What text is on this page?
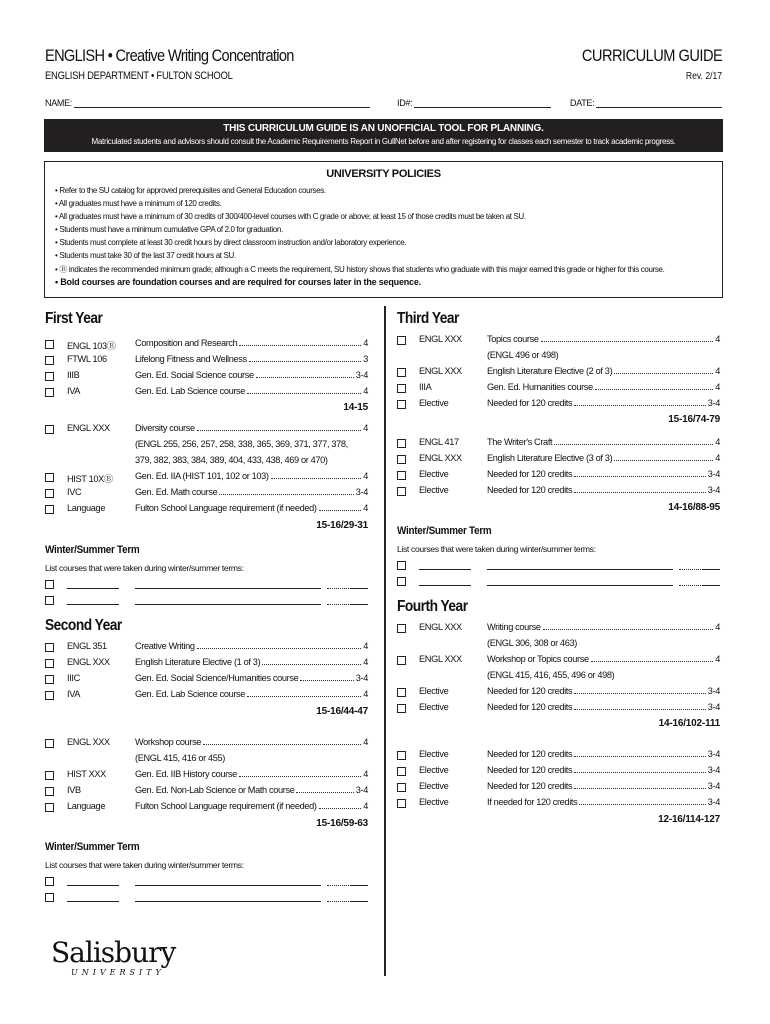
ENGLISH • Creative Writing Concentration
ENGLISH DEPARTMENT • FULTON SCHOOL
CURRICULUM GUIDE
Rev. 2/17
NAME:	ID#:	DATE:
THIS CURRICULUM GUIDE IS AN UNOFFICIAL TOOL FOR PLANNING.
Matriculated students and advisors should consult the Academic Requirements Report in GullNet before and after registering for classes each semester to track academic progress.
UNIVERSITY POLICIES
• Refer to the SU catalog for approved prerequisites and General Education courses.
• All graduates must have a minimum of 120 credits.
• All graduates must have a minimum of 30 credits of 300/400-level courses with C grade or above; at least 15 of those credits must be taken at SU.
• Students must have a minimum cumulative GPA of 2.0 for graduation.
• Students must complete at least 30 credit hours by direct classroom instruction and/or laboratory experience.
• Students must take 30 of the last 37 credit hours at SU.
• Ⓑ indicates the recommended minimum grade; although a C meets the requirement, SU history shows that students who graduate with this major earned this grade or higher for this course.
• Bold courses are foundation courses and are required for courses later in the sequence.
First Year
ENGL 103Ⓑ Composition and Research	4
FTWL 106	Lifelong Fitness and Wellness	3
IIIB	Gen. Ed. Social Science course	3-4
IVA	Gen. Ed. Lab Science course	4
14-15
ENGL XXX	Diversity course	4
(ENGL 255, 256, 257, 258, 338, 365, 369, 371, 377, 378,
379, 382, 383, 384, 389, 404, 433, 438, 469 or 470)
HIST 10XⒷ Gen. Ed. IIA (HIST 101, 102 or 103)	4
IVC	Gen. Ed. Math course	3-4
Language	Fulton School Language requirement (if needed)	4
15-16/29-31
Winter/Summer Term
List courses that were taken during winter/summer terms:
Second Year
ENGL 351	Creative Writing	4
ENGL XXX	English Literature Elective (1 of 3)	4
IIIC	Gen. Ed. Social Science/Humanities course	3-4
IVA	Gen. Ed. Lab Science course	4
15-16/44-47
ENGL XXX	Workshop course	4
(ENGL 415, 416 or 455)
HIST XXX	Gen. Ed. IIB History course	4
IVB	Gen. Ed. Non-Lab Science or Math course	3-4
Language	Fulton School Language requirement (if needed)	4
15-16/59-63
Winter/Summer Term
List courses that were taken during winter/summer terms:
Third Year
ENGL XXX	Topics course	4
(ENGL 496 or 498)
ENGL XXX	English Literature Elective (2 of 3)	4
IIIA	Gen. Ed. Humanities course	4
Elective	Needed for 120 credits	3-4
15-16/74-79
ENGL 417	The Writer's Craft	4
ENGL XXX	English Literature Elective (3 of 3)	4
Elective	Needed for 120 credits	3-4
Elective	Needed for 120 credits	3-4
14-16/88-95
Winter/Summer Term
List courses that were taken during winter/summer terms:
Fourth Year
ENGL XXX	Writing course	4
(ENGL 306, 308 or 463)
ENGL XXX	Workshop or Topics course	4
(ENGL 415, 416, 455, 496 or 498)
Elective	Needed for 120 credits	3-4
Elective	Needed for 120 credits	3-4
14-16/102-111
Elective	Needed for 120 credits	3-4
Elective	Needed for 120 credits	3-4
Elective	Needed for 120 credits	3-4
Elective	If needed for 120 credits	3-4
12-16/114-127
Salisbury
UNIVERSITY
